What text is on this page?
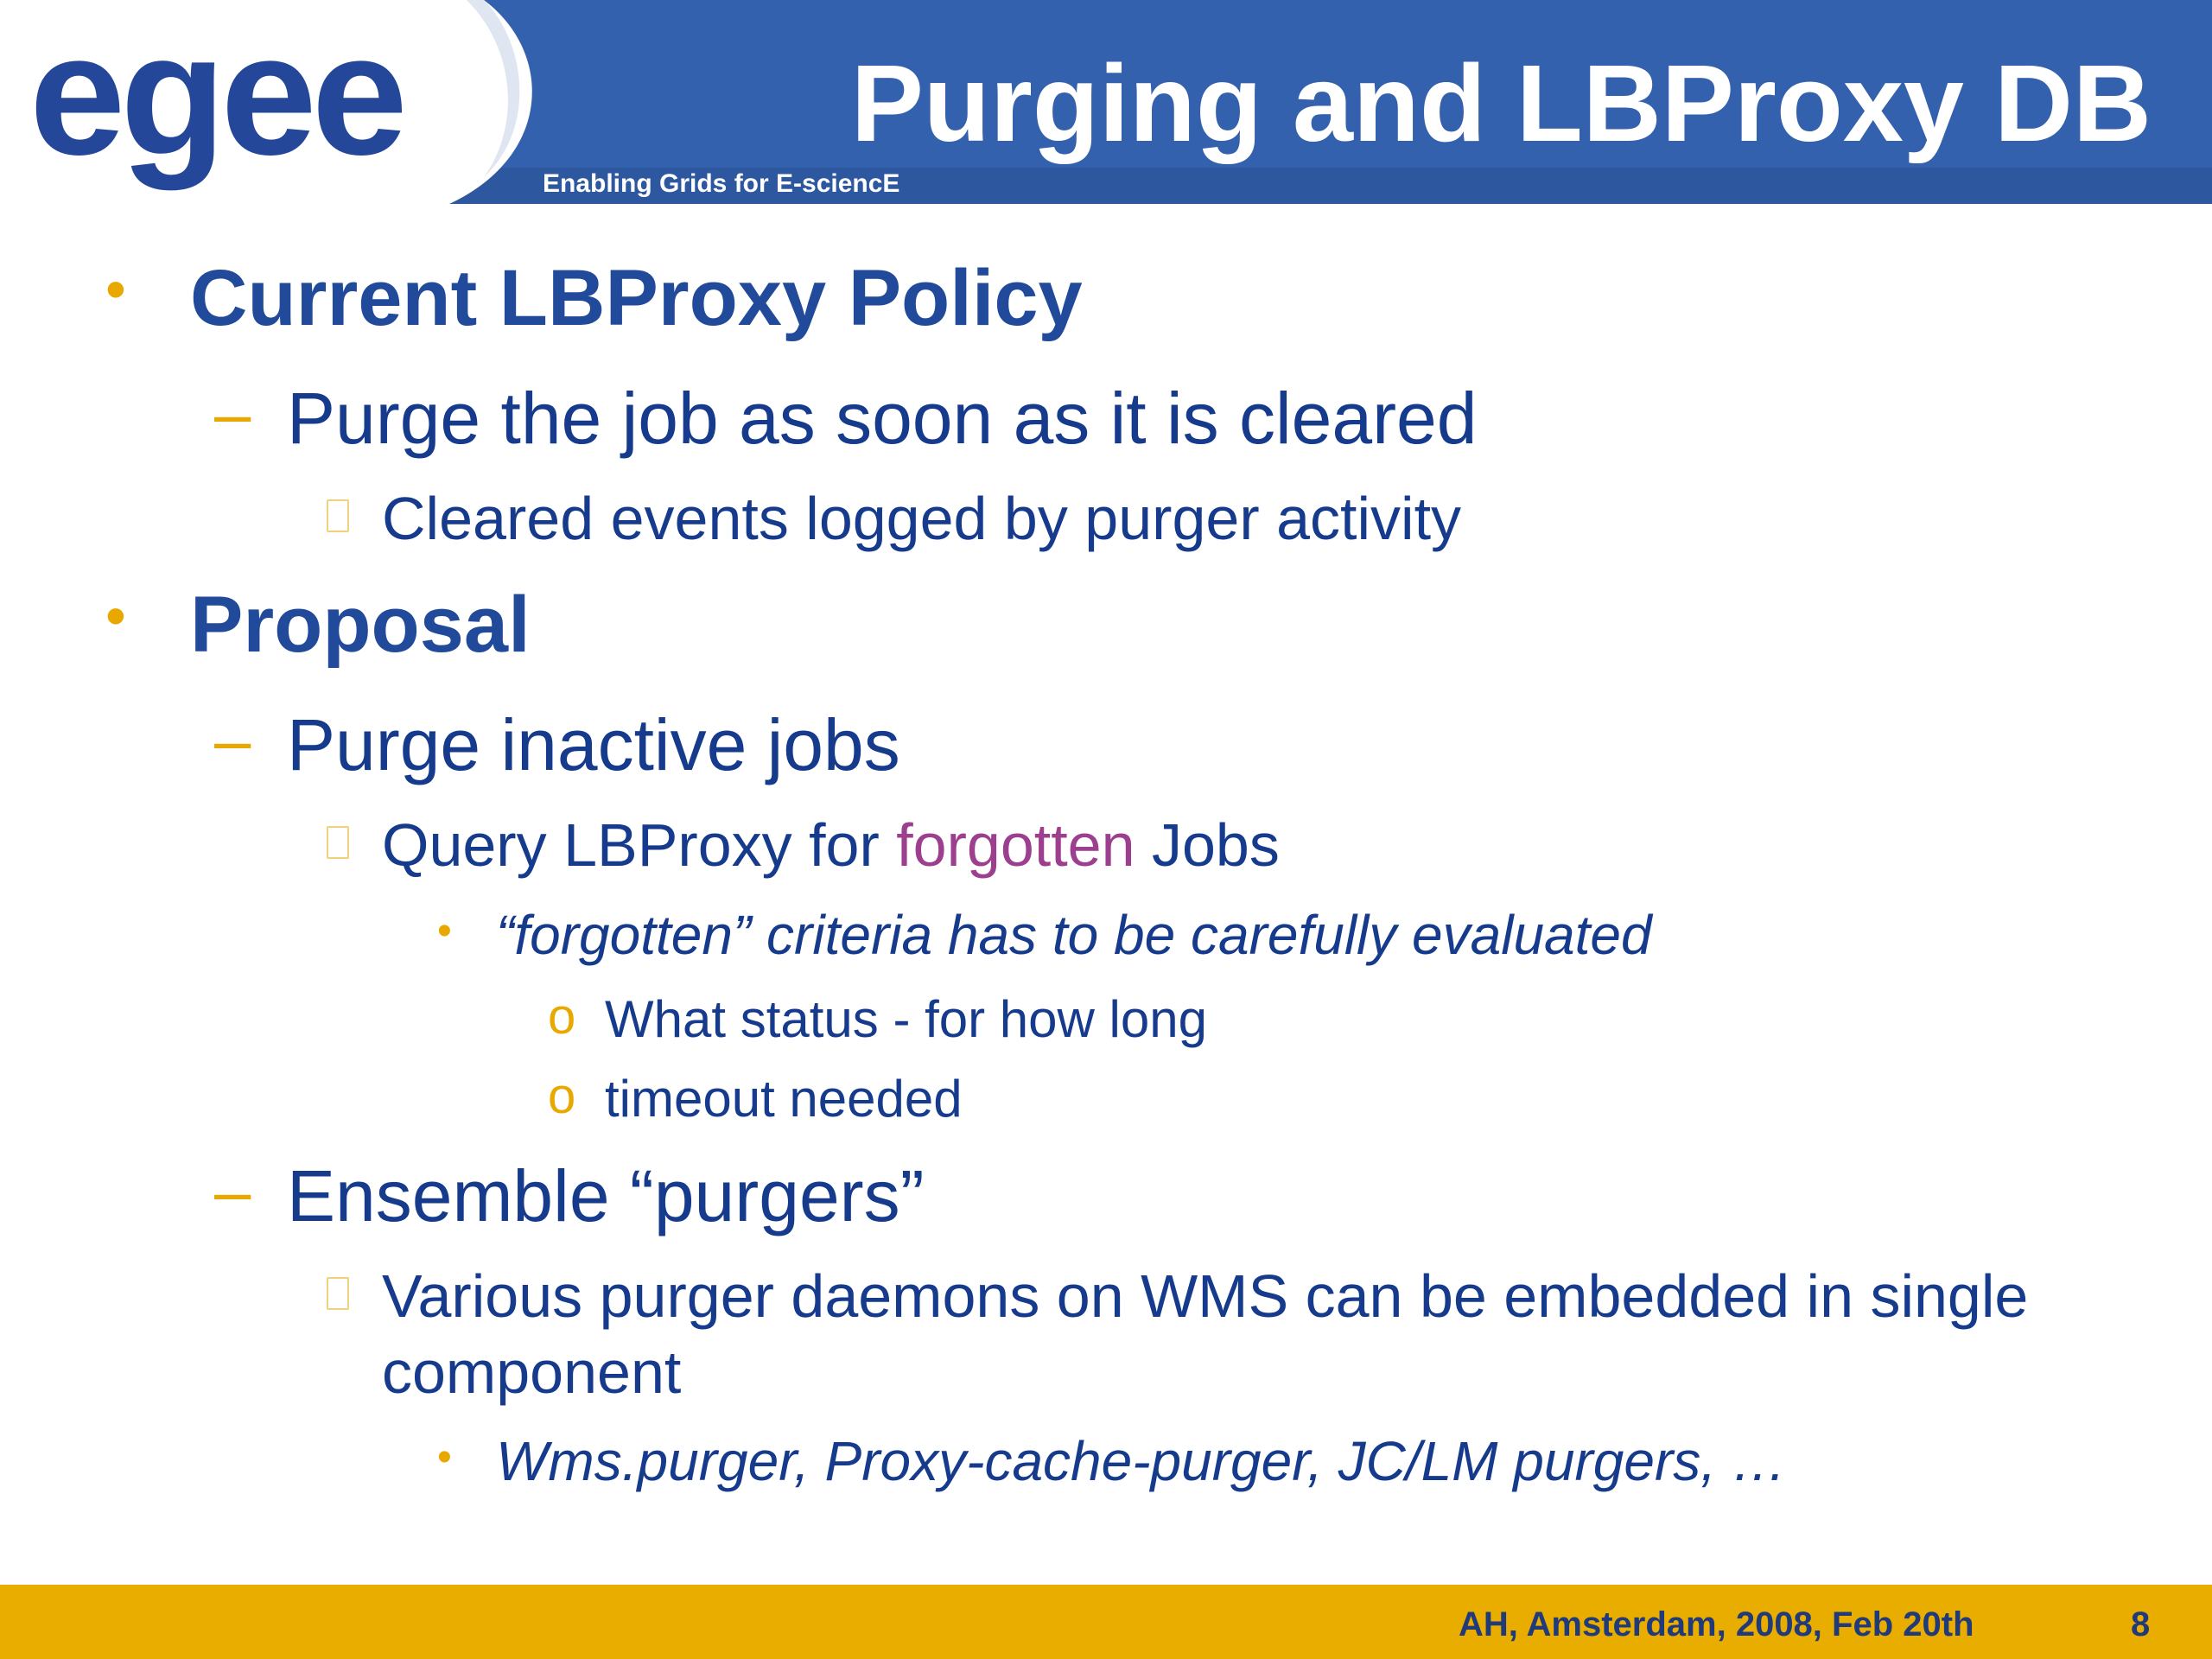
egee	Enabling Grids for E-sciencE
Purging and LBProxy DB
• Current LBProxy Policy
– Purge the job as soon as it is cleared
Cleared events logged by purger activity
• Proposal
– Purge inactive jobs
Query LBProxy for forgotten Jobs
• “forgotten” criteria has to be carefully evaluated
o What status - for how long
o timeout needed
– Ensemble “purgers”
Various purger daemons on WMS can be embedded in single
component
• Wms.purger, Proxy-cache-purger, JC/LM purgers, …
AH, Amsterdam, 2008, Feb 20th	8
